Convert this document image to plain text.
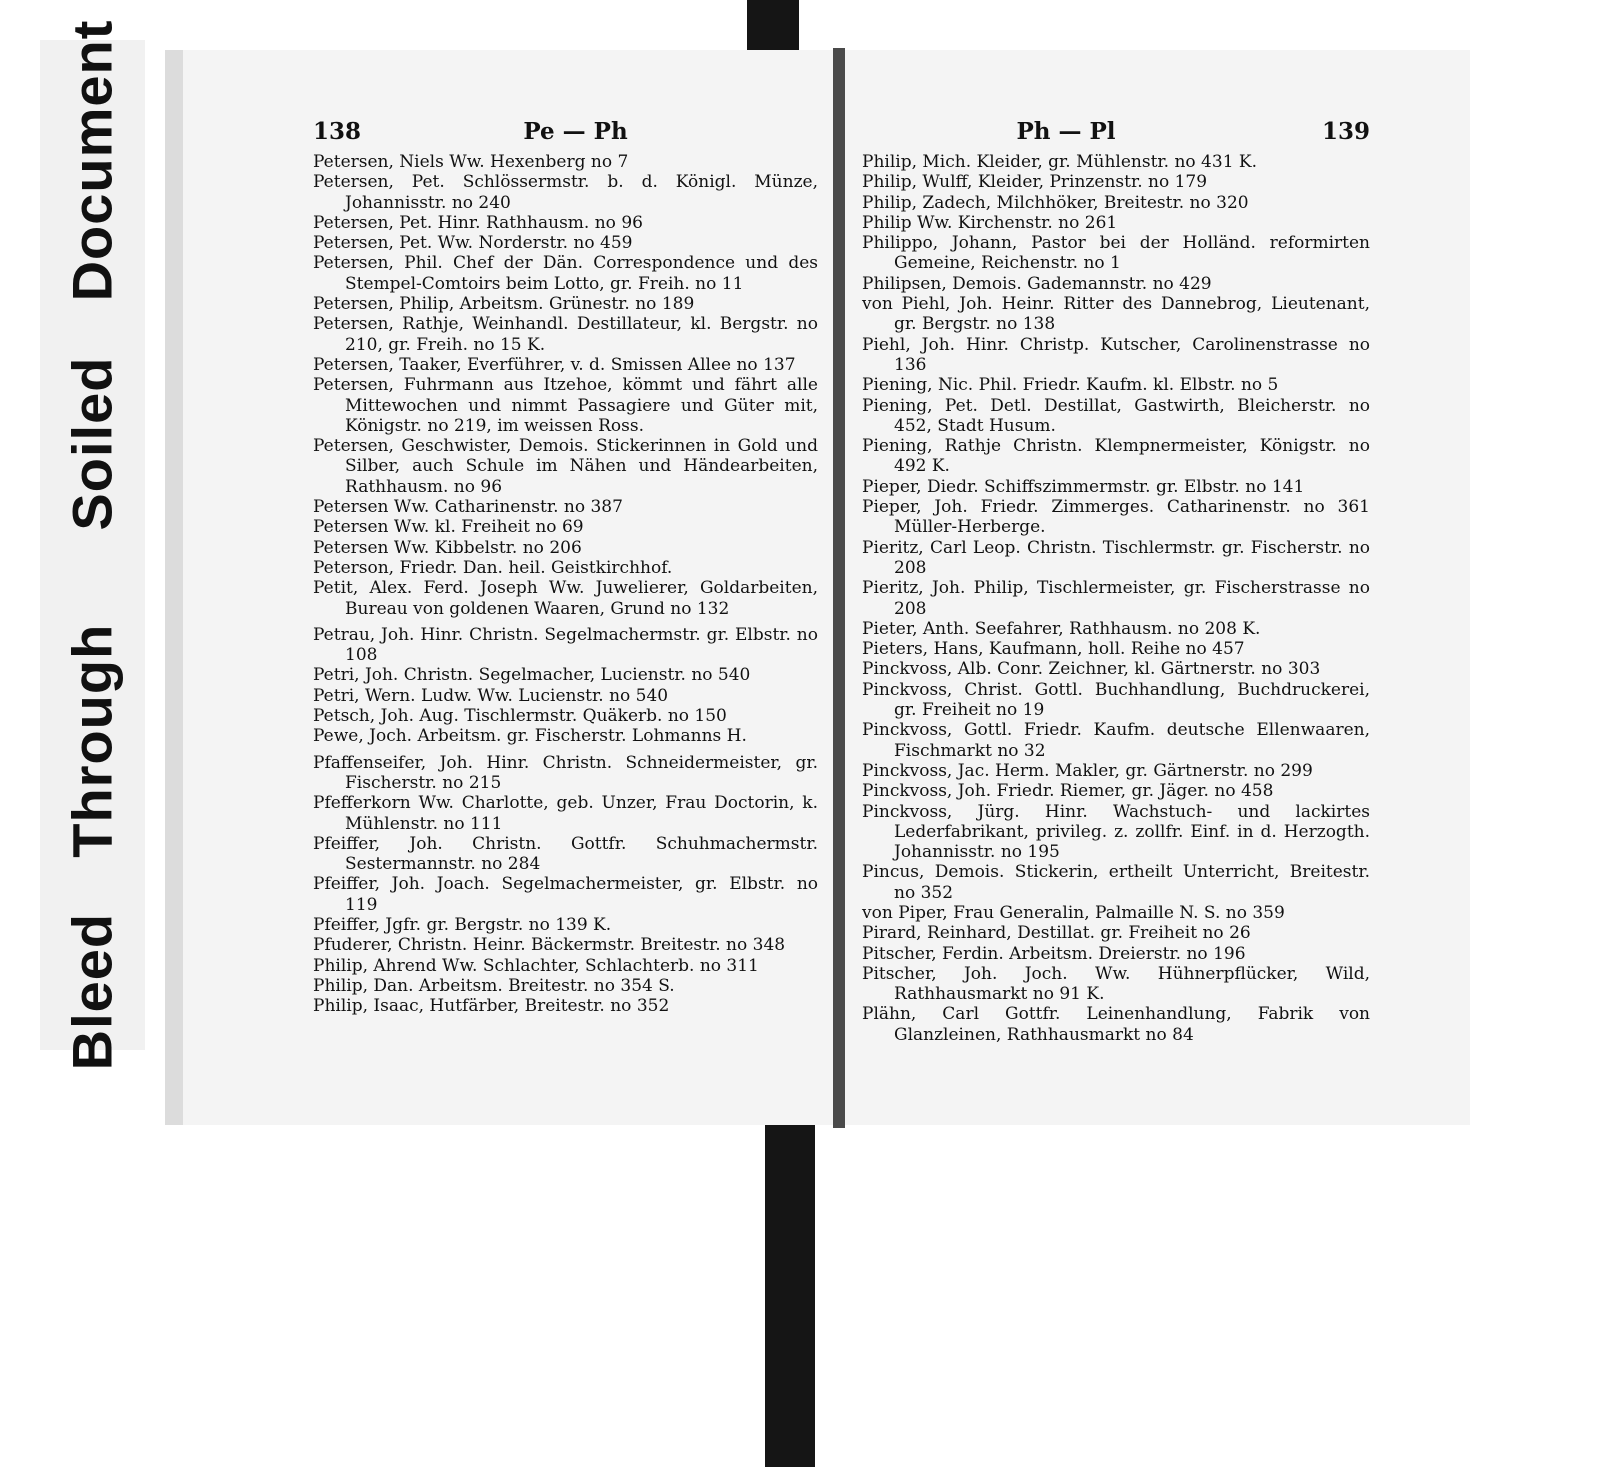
Bleed  Through  Soiled  Document	138	Pe — Ph
Petersen, Niels Ww. Hexenberg no 7
Petersen, Pet. Schlössermstr. b. d. Königl. Münze, Johannisstr. no 240
Petersen, Pet. Hinr. Rathhausm. no 96
Petersen, Pet. Ww. Norderstr. no 459
Petersen, Phil. Chef der Dän. Correspondence und des Stempel-Comtoirs beim Lotto, gr. Freih. no 11
Petersen, Philip, Arbeitsm. Grünestr. no 189
Petersen, Rathje, Weinhandl. Destillateur, kl. Bergstr. no 210, gr. Freih. no 15 K.
Petersen, Taaker, Everführer, v. d. Smissen Allee no 137
Petersen, Fuhrmann aus Itzehoe, kömmt und fährt alle Mittewochen und nimmt Passagiere und Güter mit, Königstr. no 219, im weissen Ross.
Petersen, Geschwister, Demois. Stickerinnen in Gold und Silber, auch Schule im Nähen und Händearbeiten, Rathhausm. no 96
Petersen Ww. Catharinenstr. no 387
Petersen Ww. kl. Freiheit no 69
Petersen Ww. Kibbelstr. no 206
Peterson, Friedr. Dan. heil. Geistkirchhof.
Petit, Alex. Ferd. Joseph Ww. Juwelierer, Goldarbeiten, Bureau von goldenen Waaren, Grund no 132
Petrau, Joh. Hinr. Christn. Segelmachermstr. gr. Elbstr. no 108
Petri, Joh. Christn. Segelmacher, Lucienstr. no 540
Petri, Wern. Ludw. Ww. Lucienstr. no 540
Petsch, Joh. Aug. Tischlermstr. Quäkerb. no 150
Pewe, Joch. Arbeitsm. gr. Fischerstr. Lohmanns H.
Pfaffenseifer, Joh. Hinr. Christn. Schneidermeister, gr. Fischerstr. no 215
Pfefferkorn Ww. Charlotte, geb. Unzer, Frau Doctorin, k. Mühlenstr. no 111
Pfeiffer, Joh. Christn. Gottfr. Schuhmachermstr. Sestermannstr. no 284
Pfeiffer, Joh. Joach. Segelmachermeister, gr. Elbstr. no 119
Pfeiffer, Jgfr. gr. Bergstr. no 139 K.
Pfuderer, Christn. Heinr. Bäckermstr. Breitestr. no 348
Philip, Ahrend Ww. Schlachter, Schlachterb. no 311
Philip, Dan. Arbeitsm. Breitestr. no 354 S.
Philip, Isaac, Hutfärber, Breitestr. no 352
Ph — Pl	139
Philip, Mich. Kleider, gr. Mühlenstr. no 431 K.
Philip, Wulff, Kleider, Prinzenstr. no 179
Philip, Zadech, Milchhöker, Breitestr. no 320
Philip Ww. Kirchenstr. no 261
Philippo, Johann, Pastor bei der Holländ. reformirten Gemeine, Reichenstr. no 1
Philipsen, Demois. Gademannstr. no 429
von Piehl, Joh. Heinr. Ritter des Dannebrog, Lieutenant, gr. Bergstr. no 138
Piehl, Joh. Hinr. Christp. Kutscher, Carolinenstrasse no 136
Piening, Nic. Phil. Friedr. Kaufm. kl. Elbstr. no 5
Piening, Pet. Detl. Destillat, Gastwirth, Bleicherstr. no 452, Stadt Husum.
Piening, Rathje Christn. Klempnermeister, Königstr. no 492 K.
Pieper, Diedr. Schiffszimmermstr. gr. Elbstr. no 141
Pieper, Joh. Friedr. Zimmerges. Catharinenstr. no 361 Müller-Herberge.
Pieritz, Carl Leop. Christn. Tischlermstr. gr. Fischerstr. no 208
Pieritz, Joh. Philip, Tischlermeister, gr. Fischerstrasse no 208
Pieter, Anth. Seefahrer, Rathhausm. no 208 K.
Pieters, Hans, Kaufmann, holl. Reihe no 457
Pinckvoss, Alb. Conr. Zeichner, kl. Gärtnerstr. no 303
Pinckvoss, Christ. Gottl. Buchhandlung, Buchdruckerei, gr. Freiheit no 19
Pinckvoss, Gottl. Friedr. Kaufm. deutsche Ellenwaaren, Fischmarkt no 32
Pinckvoss, Jac. Herm. Makler, gr. Gärtnerstr. no 299
Pinckvoss, Joh. Friedr. Riemer, gr. Jäger. no 458
Pinckvoss, Jürg. Hinr. Wachstuch- und lackirtes Lederfabrikant, privileg. z. zollfr. Einf. in d. Herzogth. Johannisstr. no 195
Pincus, Demois. Stickerin, ertheilt Unterricht, Breitestr. no 352
von Piper, Frau Generalin, Palmaille N. S. no 359
Pirard, Reinhard, Destillat. gr. Freiheit no 26
Pitscher, Ferdin. Arbeitsm. Dreierstr. no 196
Pitscher, Joh. Joch. Ww. Hühnerpflücker, Wild, Rathhausmarkt no 91 K.
Plähn, Carl Gottfr. Leinenhandlung, Fabrik von Glanzleinen, Rathhausmarkt no 84
